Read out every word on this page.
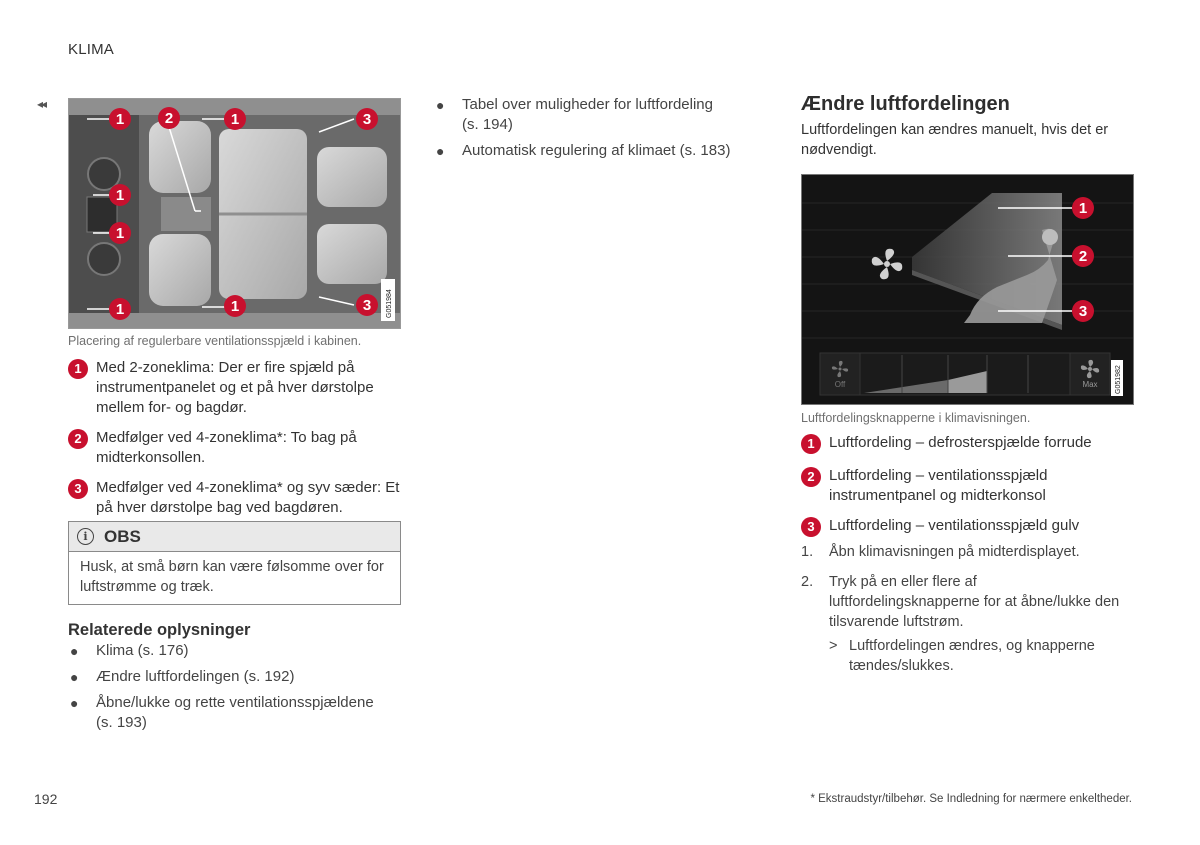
KLIMA
◂◂
1	2	1	3
1
1
1	1	3 G051984
Placering af regulerbare ventilationsspjæld i kabinen.
1 Med 2-zoneklima: Der er fire spjæld på instrumentpanelet og et på hver dørstolpe mellem for- og bagdør.
2 Medfølger ved 4-zoneklima*: To bag på midterkonsollen.
3 Medfølger ved 4-zoneklima* og syv sæder: Et på hver dørstolpe bag ved bagdøren.
i OBS
Husk, at små børn kan være følsomme over for luftstrømme og træk.
Relaterede oplysninger
● Klima (s. 176)
● Ændre luftfordelingen (s. 192)
● Åbne/lukke og rette ventilationsspjældene (s. 193)
● Tabel over muligheder for luftfordeling (s. 194)
● Automatisk regulering af klimaet (s. 183)
Ændre luftfordelingen
Luftfordelingen kan ændres manuelt, hvis det er nødvendigt.
1
2
3
Off	Max G051982
Luftfordelingsknapperne i klimavisningen.
1 Luftfordeling – defrosterspjælde forrude
2 Luftfordeling – ventilationsspjæld instrumentpanel og midterkonsol
3 Luftfordeling – ventilationsspjæld gulv
1.	Åbn klimavisningen på midterdisplayet.
2.	Tryk på en eller flere af luftfordelingsknapperne for at åbne/lukke den tilsvarende luftstrøm.
> Luftfordelingen ændres, og knapperne tændes/slukkes.
192	* Ekstraudstyr/tilbehør. Se Indledning for nærmere enkeltheder.
